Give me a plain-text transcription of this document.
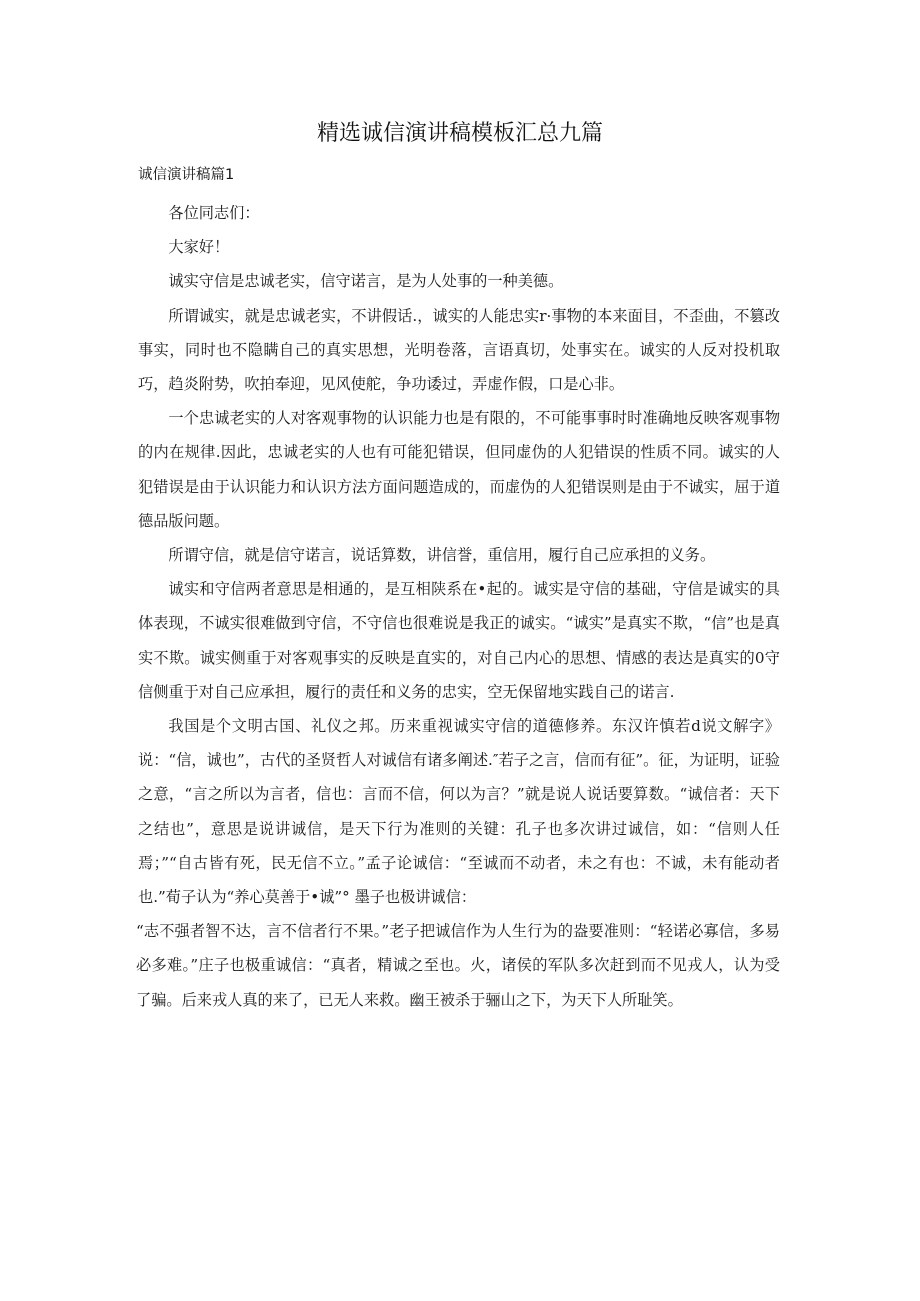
精选诚信演讲稿模板汇总九篇
诚信演讲稿篇1

各位同志们：

大家好！

诚实守信是忠诚老实，信守诺言，是为人处事的一种美德。

所谓诚实，就是忠诚老实，不讲假话.，诚实的人能忠实r·事物的本来面目，不歪曲，不篡改事实，同时也不隐瞒自己的真实思想，光明卷落，言语真切，处事实在。诚实的人反对投机取巧，趋炎附势，吹拍奉迎，见风使舵，争功诿过，弄虚作假，口是心非。

一个忠诚老实的人对客观事物的认识能力也是有限的，不可能事事时时准确地反映客观事物的内在规律.因此，忠诚老实的人也有可能犯错误，但同虚伪的人犯错误的性质不同。诚实的人犯错误是由于认识能力和认识方法方面问题造成的，而虚伪的人犯错误则是由于不诚实，屈于道德品版问题。

所谓守信，就是信守诺言，说话算数，讲信誉，重信用，履行自己应承担的义务。

诚实和守信两者意思是相通的，是互相陕系在•起的。诚实是守信的基础，守信是诚实的具体表现，不诚实很难做到守信，不守信也很难说是我正的诚实。“诚实”是真实不欺，“信”也是真实不欺。诚实侧重于对客观事实的反映是直实的，对自己内心的思想、情感的表达是真实的0守信侧重于对自己应承担，履行的责任和义务的忠实，空无保留地实践自己的诺言.

我国是个文明古国、礼仪之邦。历来重视诚实守信的道德修养。东汉许慎若d说文解字》说：“信，诚也”，古代的圣贤哲人对诚信有诸多阐述.″若子之言，信而有征”。征，为证明，证验之意，“言之所以为言者，信也：言而不信，何以为言？”就是说人说话要算数。“诚信者：天下之结也”，意思是说讲诚信，是天下行为准则的关键：孔子也多次讲过诚信，如：“信则人任焉；”“自古皆有死，民无信不立。”孟子论诚信：“至诚而不动者，未之有也：不诚，未有能动者也.”荀子认为“养心莫善于•诚”° 墨子也极讲诚信：

“志不强者智不达，言不信者行不果。”老子把诚信作为人生行为的盎要准则：“轻诺必寡信，多易必多难。”庄子也极重诚信：“真者，精诚之至也。火，诸侯的军队多次赶到而不见戎人，认为受了骗。后来戎人真的来了，已无人来救。幽王被杀于骊山之下，为天下人所耻笑。
